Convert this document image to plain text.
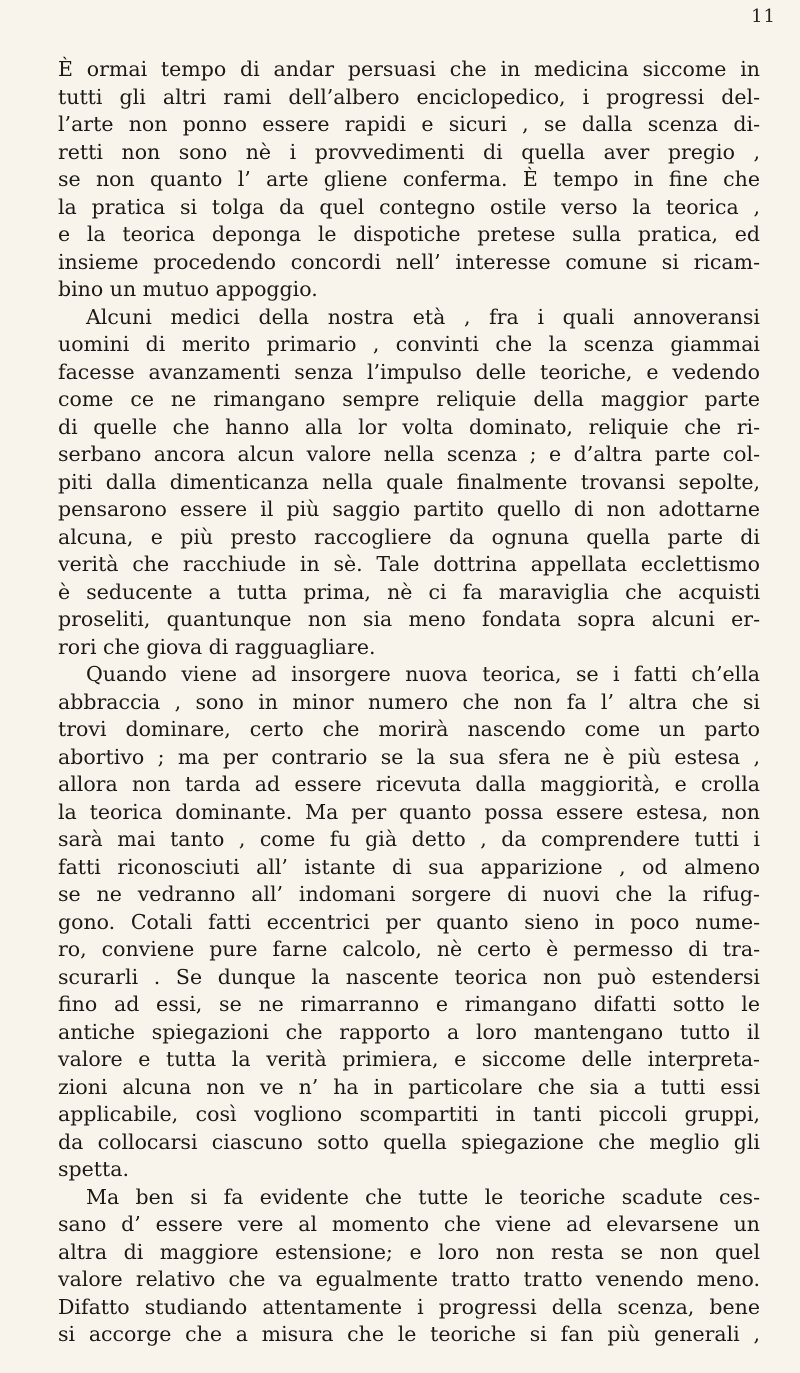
11
È ormai tempo di andar persuasi che in medicina siccome in
tutti gli altri rami dell’albero enciclopedico, i progressi del-
l’arte non ponno essere rapidi e sicuri , se dalla scenza di-
retti non sono nè i provvedimenti di quella aver pregio ,
se non quanto l’ arte gliene conferma. È tempo in fine che
la pratica si tolga da quel contegno ostile verso la teorica ,
e la teorica deponga le dispotiche pretese sulla pratica, ed
insieme procedendo concordi nell’ interesse comune si ricam-
bino un mutuo appoggio.
Alcuni medici della nostra età , fra i quali annoveransi
uomini di merito primario , convinti che la scenza giammai
facesse avanzamenti senza l’impulso delle teoriche, e vedendo
come ce ne rimangano sempre reliquie della maggior parte
di quelle che hanno alla lor volta dominato, reliquie che ri-
serbano ancora alcun valore nella scenza ; e d’altra parte col-
piti dalla dimenticanza nella quale finalmente trovansi sepolte,
pensarono essere il più saggio partito quello di non adottarne
alcuna, e più presto raccogliere da ognuna quella parte di
verità che racchiude in sè. Tale dottrina appellata ecclettismo
è seducente a tutta prima, nè ci fa maraviglia che acquisti
proseliti, quantunque non sia meno fondata sopra alcuni er-
rori che giova di ragguagliare.
Quando viene ad insorgere nuova teorica, se i fatti ch’ella
abbraccia , sono in minor numero che non fa l’ altra che si
trovi dominare, certo che morirà nascendo come un parto
abortivo ; ma per contrario se la sua sfera ne è più estesa ,
allora non tarda ad essere ricevuta dalla maggiorità, e crolla
la teorica dominante. Ma per quanto possa essere estesa, non
sarà mai tanto , come fu già detto , da comprendere tutti i
fatti riconosciuti all’ istante di sua apparizione , od almeno
se ne vedranno all’ indomani sorgere di nuovi che la rifug-
gono. Cotali fatti eccentrici per quanto sieno in poco nume-
ro, conviene pure farne calcolo, nè certo è permesso di tra-
scurarli . Se dunque la nascente teorica non può estendersi
fino ad essi, se ne rimarranno e rimangano difatti sotto le
antiche spiegazioni che rapporto a loro mantengano tutto il
valore e tutta la verità primiera, e siccome delle interpreta-
zioni alcuna non ve n’ ha in particolare che sia a tutti essi
applicabile, così vogliono scompartiti in tanti piccoli gruppi,
da collocarsi ciascuno sotto quella spiegazione che meglio gli
spetta.
Ma ben si fa evidente che tutte le teoriche scadute ces-
sano d’ essere vere al momento che viene ad elevarsene un
altra di maggiore estensione; e loro non resta se non quel
valore relativo che va egualmente tratto tratto venendo meno.
Difatto studiando attentamente i progressi della scenza, bene
si accorge che a misura che le teoriche si fan più generali ,
